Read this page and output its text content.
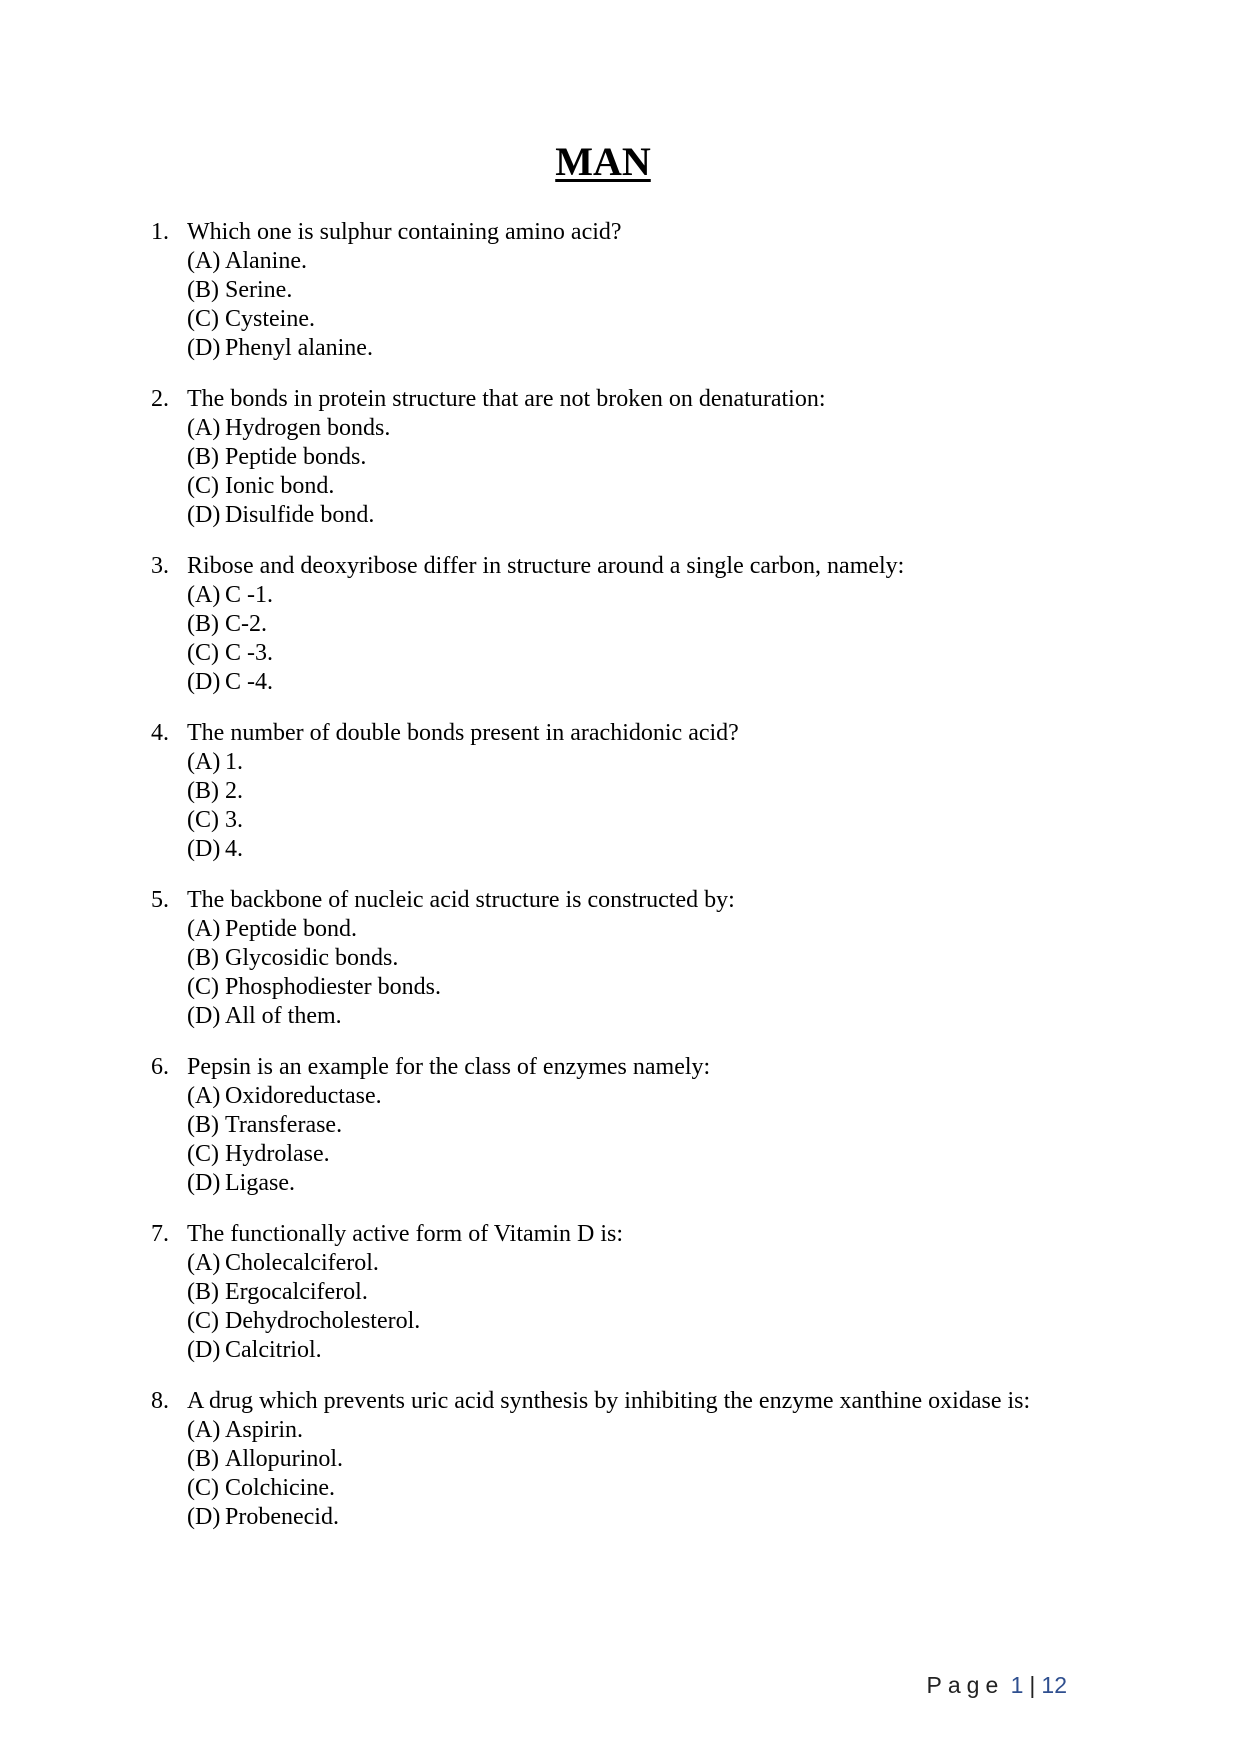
MAN
1. Which one is sulphur containing amino acid?
(A) Alanine.
(B) Serine.
(C) Cysteine.
(D) Phenyl alanine.
2. The bonds in protein structure that are not broken on denaturation:
(A) Hydrogen bonds.
(B) Peptide bonds.
(C) Ionic bond.
(D) Disulfide bond.
3. Ribose and deoxyribose differ in structure around a single carbon, namely:
(A) C -1.
(B) C-2.
(C) C -3.
(D) C -4.
4. The number of double bonds present in arachidonic acid?
(A) 1.
(B) 2.
(C) 3.
(D) 4.
5. The backbone of nucleic acid structure is constructed by:
(A) Peptide bond.
(B) Glycosidic bonds.
(C) Phosphodiester bonds.
(D) All of them.
6. Pepsin is an example for the class of enzymes namely:
(A) Oxidoreductase.
(B) Transferase.
(C) Hydrolase.
(D) Ligase.
7. The functionally active form of Vitamin D is:
(A) Cholecalciferol.
(B) Ergocalciferol.
(C) Dehydrocholesterol.
(D) Calcitriol.
8. A drug which prevents uric acid synthesis by inhibiting the enzyme xanthine oxidase is:
(A) Aspirin.
(B) Allopurinol.
(C) Colchicine.
(D) Probenecid.
Page 1 | 12
